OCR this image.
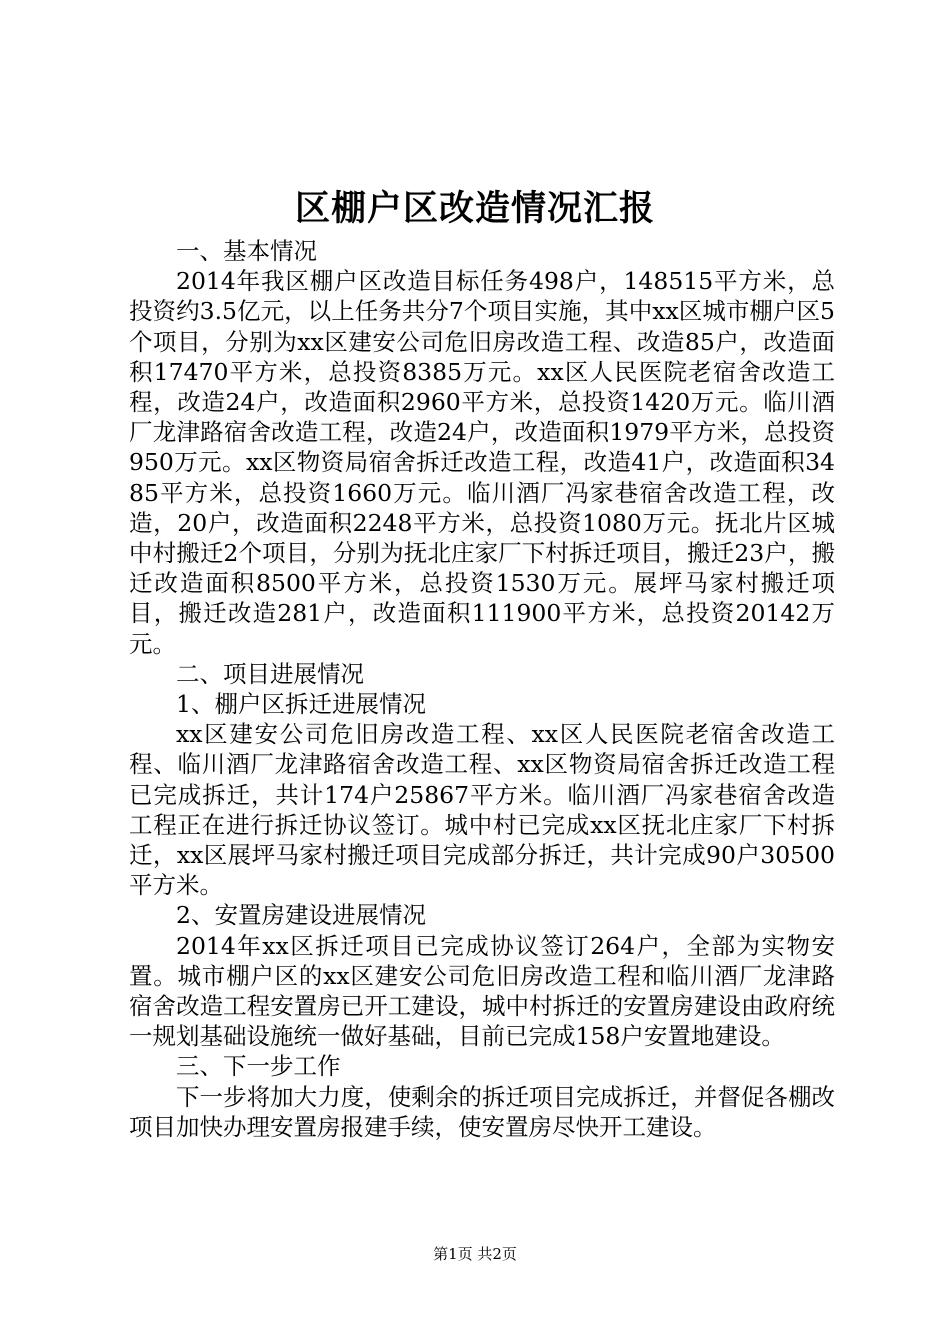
区棚户区改造情况汇报

一、基本情况

2014年我区棚户区改造目标任务498户，148515平方米，总投资约3.5亿元，以上任务共分7个项目实施，其中xx区城市棚户区5个项目，分别为xx区建安公司危旧房改造工程、改造85户，改造面积17470平方米，总投资8385万元。xx区人民医院老宿舍改造工程，改造24户，改造面积2960平方米，总投资1420万元。临川酒厂龙津路宿舍改造工程，改造24户，改造面积1979平方米，总投资950万元。xx区物资局宿舍拆迁改造工程，改造41户，改造面积3485平方米，总投资1660万元。临川酒厂冯家巷宿舍改造工程，改造，20户，改造面积2248平方米，总投资1080万元。抚北片区城中村搬迁2个项目，分别为抚北庄家厂下村拆迁项目，搬迁23户，搬迁改造面积8500平方米，总投资1530万元。展坪马家村搬迁项目，搬迁改造281户，改造面积111900平方米，总投资20142万元。

二、项目进展情况

1、棚户区拆迁进展情况

xx区建安公司危旧房改造工程、xx区人民医院老宿舍改造工程、临川酒厂龙津路宿舍改造工程、xx区物资局宿舍拆迁改造工程已完成拆迁，共计174户25867平方米。临川酒厂冯家巷宿舍改造工程正在进行拆迁协议签订。城中村已完成xx区抚北庄家厂下村拆迁，xx区展坪马家村搬迁项目完成部分拆迁，共计完成90户30500平方米。

2、安置房建设进展情况

2014年xx区拆迁项目已完成协议签订264户，全部为实物安置。城市棚户区的xx区建安公司危旧房改造工程和临川酒厂龙津路宿舍改造工程安置房已开工建设，城中村拆迁的安置房建设由政府统一规划基础设施统一做好基础，目前已完成158户安置地建设。

三、下一步工作

下一步将加大力度，使剩余的拆迁项目完成拆迁，并督促各棚改项目加快办理安置房报建手续，使安置房尽快开工建设。

第1页 共2页
